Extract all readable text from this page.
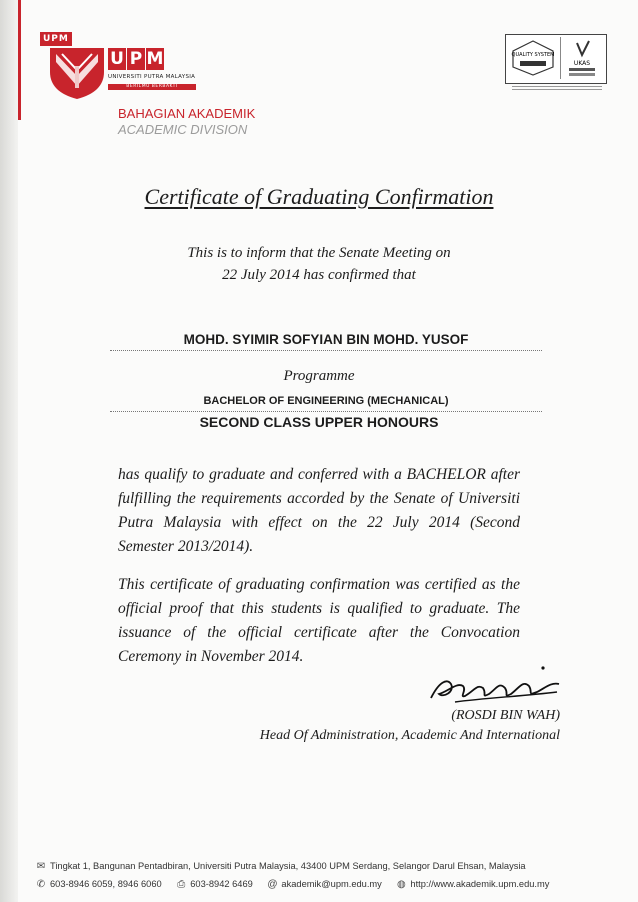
UPM
U P M
UNIVERSITI PUTRA MALAYSIA
BERILMU BERBAKTI
QUALITY SYSTEM
UKAS
BAHAGIAN AKADEMIK
ACADEMIC DIVISION
Certificate of Graduating Confirmation
This is to inform that the Senate Meeting on
22 July 2014 has confirmed that
MOHD. SYIMIR SOFYIAN BIN MOHD. YUSOF
Programme
BACHELOR OF ENGINEERING (MECHANICAL)
SECOND CLASS UPPER HONOURS
has qualify to graduate and conferred with a BACHELOR after fulfilling the requirements accorded by the Senate of Universiti Putra Malaysia with effect on the 22 July 2014 (Second Semester 2013/2014).
This certificate of graduating confirmation was certified as the official proof that this students is qualified to graduate. The issuance of the official certificate after the Convocation Ceremony in November 2014.
(ROSDI BIN WAH)
Head Of Administration, Academic And International
✉ Tingkat 1, Bangunan Pentadbiran, Universiti Putra Malaysia, 43400 UPM Serdang, Selangor Darul Ehsan, Malaysia
✆ 603-8946 6059, 8946 6060 ⎙ 603-8942 6469 @ akademik@upm.edu.my ◍ http://www.akademik.upm.edu.my
